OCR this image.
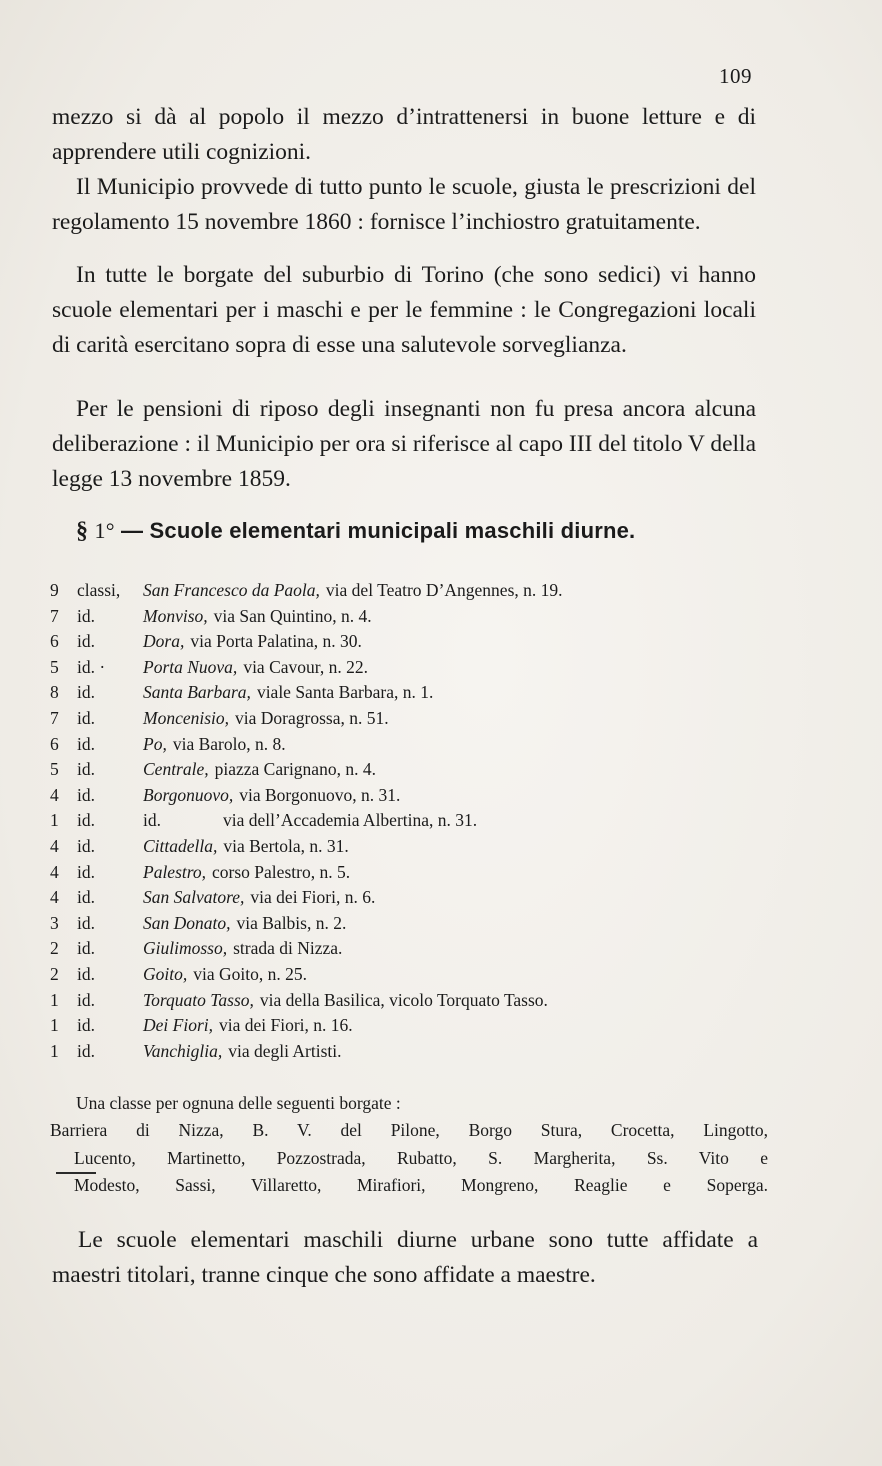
109

mezzo si dà al popolo il mezzo d’intrattenersi in buone letture e di apprendere utili cognizioni.

Il Municipio provvede di tutto punto le scuole, giusta le prescrizioni del regolamento 15 novembre 1860 : fornisce l’inchiostro gratuitamente.

In tutte le borgate del suburbio di Torino (che sono sedici) vi hanno scuole elementari per i maschi e per le femmine : le Congregazioni locali di carità esercitano sopra di esse una salutevole sorveglianza.

Per le pensioni di riposo degli insegnanti non fu presa ancora alcuna deliberazione : il Municipio per ora si riferisce al capo III del titolo V della legge 13 novembre 1859.

§ 1° — Scuole elementari municipali maschili diurne.
9	classi,	San Francesco da Paola, via del Teatro D’Angennes, n. 19.
7	id.	Monviso, via San Quintino, n. 4.
6	id.	Dora, via Porta Palatina, n. 30.
5	id. ·	Porta Nuova, via Cavour, n. 22.
8	id.	Santa Barbara, viale Santa Barbara, n. 1.
7	id.	Moncenisio, via Doragrossa, n. 51.
6	id.	Po, via Barolo, n. 8.
5	id.	Centrale, piazza Carignano, n. 4.
4	id.	Borgonuovo, via Borgonuovo, n. 31.
1	id.	id.	via dell’Accademia Albertina, n. 31.
4	id.	Cittadella, via Bertola, n. 31.
4	id.	Palestro, corso Palestro, n. 5.
4	id.	San Salvatore, via dei Fiori, n. 6.
3	id.	San Donato, via Balbis, n. 2.
2	id.	Giulimosso, strada di Nizza.
2	id.	Goito, via Goito, n. 25.
1	id.	Torquato Tasso, via della Basilica, vicolo Torquato Tasso.
1	id.	Dei Fiori, via dei Fiori, n. 16.
1	id.	Vanchiglia, via degli Artisti.

Una classe per ognuna delle seguenti borgate :

Barriera di Nizza, B. V. del Pilone, Borgo Stura, Crocetta, Lingotto,
Lucento, Martinetto, Pozzostrada, Rubatto, S. Margherita, Ss. Vito e
Modesto, Sassi, Villaretto, Mirafiori, Mongreno, Reaglie e Soperga.

Le scuole elementari maschili diurne urbane sono tutte affidate a maestri titolari, tranne cinque che sono affidate a maestre.
